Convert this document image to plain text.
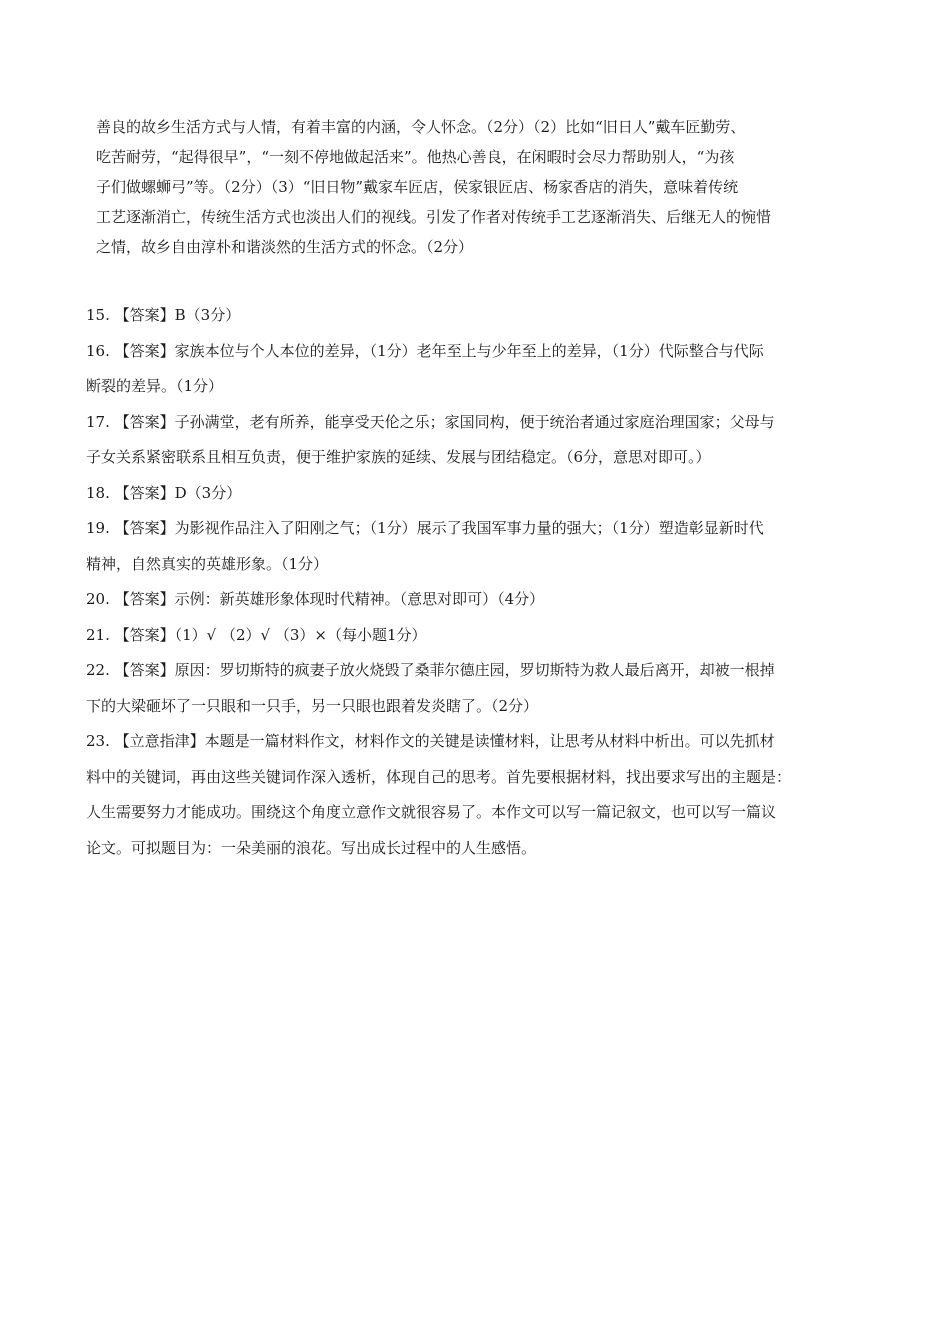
善良的故乡生活方式与人情，有着丰富的内涵，令人怀念。（2分）（2）比如“旧日人”戴车匠勤劳、
吃苦耐劳，“起得很早”，“一刻不停地做起活来”。他热心善良，在闲暇时会尽力帮助别人，“为孩
子们做螺蛳弓”等。（2分）（3）“旧日物”戴家车匠店，侯家银匠店、杨家香店的消失，意味着传统
工艺逐渐消亡，传统生活方式也淡出人们的视线。引发了作者对传统手工艺逐渐消失、后继无人的惋惜
之情，故乡自由淳朴和谐淡然的生活方式的怀念。（2分）
15. 【答案】B（3分）
16. 【答案】家族本位与个人本位的差异，（1分）老年至上与少年至上的差异，（1分）代际整合与代际
断裂的差异。（1分）
17. 【答案】子孙满堂，老有所养，能享受天伦之乐；家国同构，便于统治者通过家庭治理国家；父母与
子女关系紧密联系且相互负责，便于维护家族的延续、发展与团结稳定。（6分，意思对即可。）
18. 【答案】D（3分）
19. 【答案】为影视作品注入了阳刚之气；（1分）展示了我国军事力量的强大；（1分）塑造彰显新时代
精神，自然真实的英雄形象。（1分）
20. 【答案】示例：新英雄形象体现时代精神。（意思对即可）（4分）
21. 【答案】（1）√ （2）√ （3）×（每小题1分）
22. 【答案】原因：罗切斯特的疯妻子放火烧毁了桑菲尔德庄园，罗切斯特为救人最后离开，却被一根掉
下的大梁砸坏了一只眼和一只手，另一只眼也跟着发炎瞎了。（2分）
23. 【立意指津】本题是一篇材料作文，材料作文的关键是读懂材料，让思考从材料中析出。可以先抓材
料中的关键词，再由这些关键词作深入透析，体现自己的思考。首先要根据材料，找出要求写出的主题是：
人生需要努力才能成功。围绕这个角度立意作文就很容易了。本作文可以写一篇记叙文，也可以写一篇议
论文。可拟题目为：一朵美丽的浪花。写出成长过程中的人生感悟。
